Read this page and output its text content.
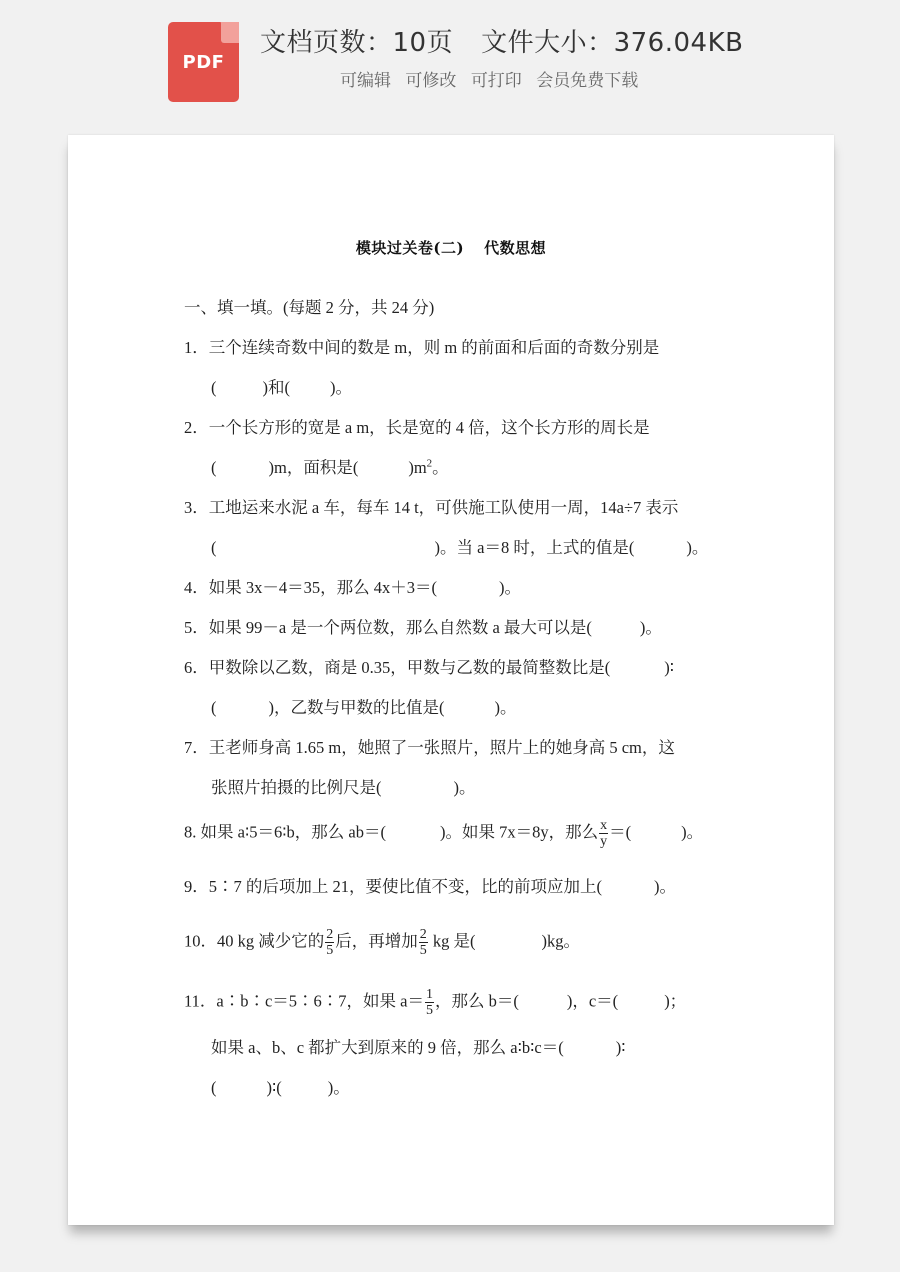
PDF
文档页数：10页 文件大小：376.04KB
可编辑 可修改 可打印 会员免费下载
模块过关卷(二) 代数思想
一、填一填。(每题 2 分，共 24 分)
1．三个连续奇数中间的数是 m，则 m 的前面和后面的奇数分别是
(	)和( )。
2．一个长方形的宽是 a m，长是宽的 4 倍，这个长方形的周长是
(	)m，面积是(	)$m^2$。
3．工地运来水泥 a 车，每车 14 t，可供施工队使用一周，14a÷7 表示
(	)。当 a＝8 时，上式的值是(	)。
4．如果 3x－4＝35，那么 4x＋3＝(	)。
5．如果 99－a 是一个两位数，那么自然数 a 最大可以是(	)。
6．甲数除以乙数，商是 0.35，甲数与乙数的最简整数比是(	)∶
(	)，乙数与甲数的比值是(	)。
7．王老师身高 1.65 m，她照了一张照片，照片上的她身高 5 cm，这
张照片拍摄的比例尺是(	)。
8. 如果 a∶5＝6∶b，那么 ab＝(	)。如果 7x＝8y，那么 $\frac{x}{y}$ ＝(	)。
9．5∶7 的后项加上 21，要使比值不变，比的前项应加上(	)。
10．40 kg 减少它的 $\frac{2}{5}$ 后，再增加 $\frac{2}{5}$ kg 是(	)kg。
11．a∶b∶c＝5∶6∶7，如果 $a= \frac{1}{5}$ ，那么 b＝(	)，c＝(	)；
如果 a、b、c 都扩大到原来的 9 倍，那么 a∶b∶c＝(	)∶
(	)∶(	)。
